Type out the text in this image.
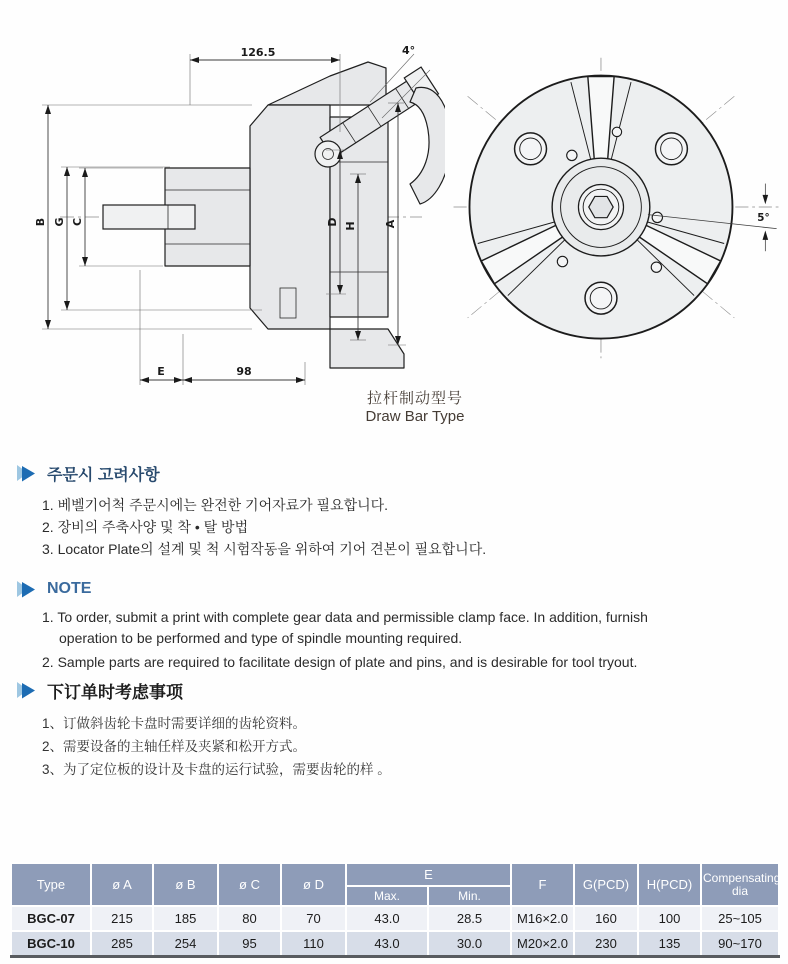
126.5	4°
B G C	D H A
E	98
5°
拉杆制动型号
Draw Bar Type
주문시 고려사항
1. 베벨기어척 주문시에는 완전한 기어자료가 필요합니다.
2. 장비의 주축사양 및 착 • 탈 방법
3. Locator Plate의 설계 및 척 시험작동을 위하여 기어 견본이 필요합니다.
NOTE
1. To order, submit a print with complete gear data and permissible clamp face. In addition, furnish operation to be performed and type of spindle mounting required.
2. Sample parts are required to facilitate design of plate and pins, and is desirable for tool tryout.
下订单时考虑事项
1、订做斜齿轮卡盘时需要详细的齿轮资料。
2、需要设备的主轴任样及夹紧和松开方式。
3、为了定位板的设计及卡盘的运行试验，需要齿轮的样 。
Type	ø A	ø B	ø C	ø D	E		F	G(PCD)	H(PCD)	Compensating dia
					Max.	Min.				
BGC-07	215	185	80	70	43.0	28.5	M16×2.0	160	100	25~105
BGC-10	285	254	95	110	43.0	30.0	M20×2.0	230	135	90~170
